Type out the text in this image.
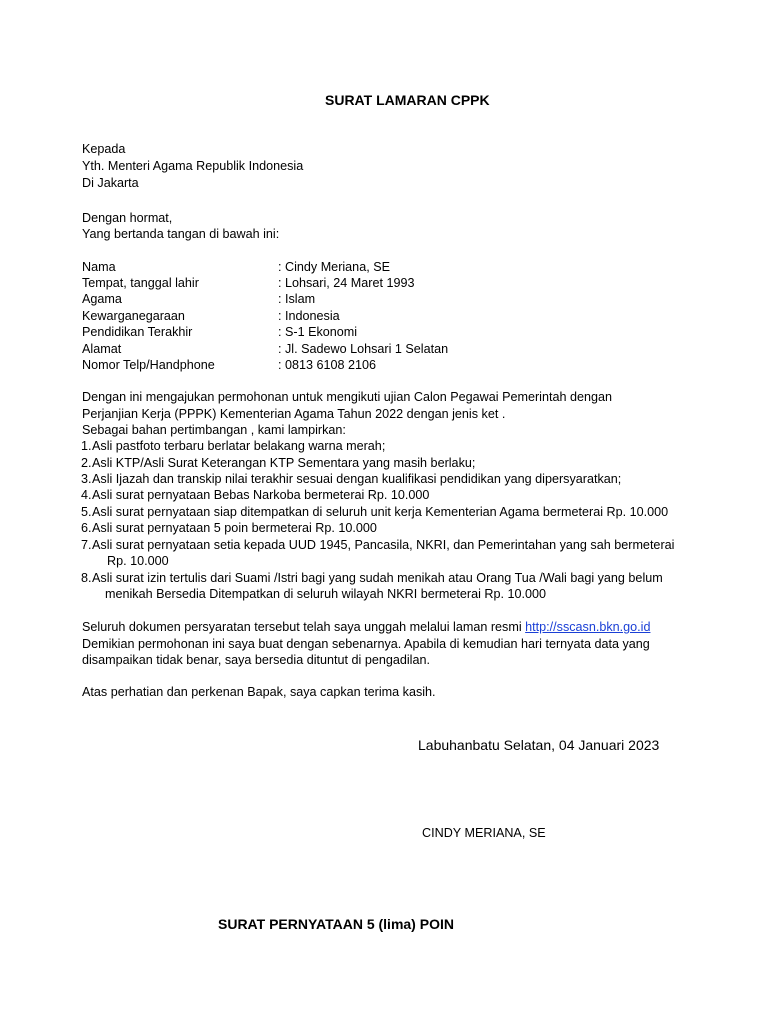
SURAT LAMARAN CPPK
Kepada
Yth. Menteri Agama Republik Indonesia
Di Jakarta
Dengan hormat,
Yang bertanda tangan di bawah ini:
Nama	: Cindy Meriana, SE
Tempat, tanggal lahir	: Lohsari, 24 Maret 1993
Agama	: Islam
Kewarganegaraan	: Indonesia
Pendidikan Terakhir	: S-1 Ekonomi
Alamat	: Jl. Sadewo Lohsari 1 Selatan
Nomor Telp/Handphone	: 0813 6108 2106
Dengan ini mengajukan permohonan untuk mengikuti ujian Calon Pegawai Pemerintah dengan
Perjanjian Kerja (PPPK) Kementerian Agama Tahun 2022 dengan jenis ket .
Sebagai bahan pertimbangan , kami lampirkan:
1.Asli pastfoto terbaru berlatar belakang warna merah;
2.Asli KTP/Asli Surat Keterangan KTP Sementara yang masih berlaku;
3.Asli Ijazah dan transkip nilai terakhir sesuai dengan kualifikasi pendidikan yang dipersyaratkan;
4.Asli surat pernyataan Bebas Narkoba bermeterai Rp. 10.000
5.Asli surat pernyataan siap ditempatkan di seluruh unit kerja Kementerian Agama bermeterai Rp. 10.000
6.Asli surat pernyataan 5 poin bermeterai Rp. 10.000
7.Asli surat pernyataan setia kepada UUD 1945, Pancasila, NKRI, dan Pemerintahan yang sah bermeterai
Rp. 10.000
8.Asli surat izin tertulis dari Suami /Istri bagi yang sudah menikah atau Orang Tua /Wali bagi yang belum
menikah Bersedia Ditempatkan di seluruh wilayah NKRI bermeterai Rp. 10.000
Seluruh dokumen persyaratan tersebut telah saya unggah melalui laman resmi http://sscasn.bkn.go.id
Demikian permohonan ini saya buat dengan sebenarnya. Apabila di kemudian hari ternyata data yang
disampaikan tidak benar, saya bersedia dituntut di pengadilan.
Atas perhatian dan perkenan Bapak, saya capkan terima kasih.
Labuhanbatu Selatan, 04 Januari 2023
CINDY MERIANA, SE
SURAT PERNYATAAN 5 (lima) POIN
